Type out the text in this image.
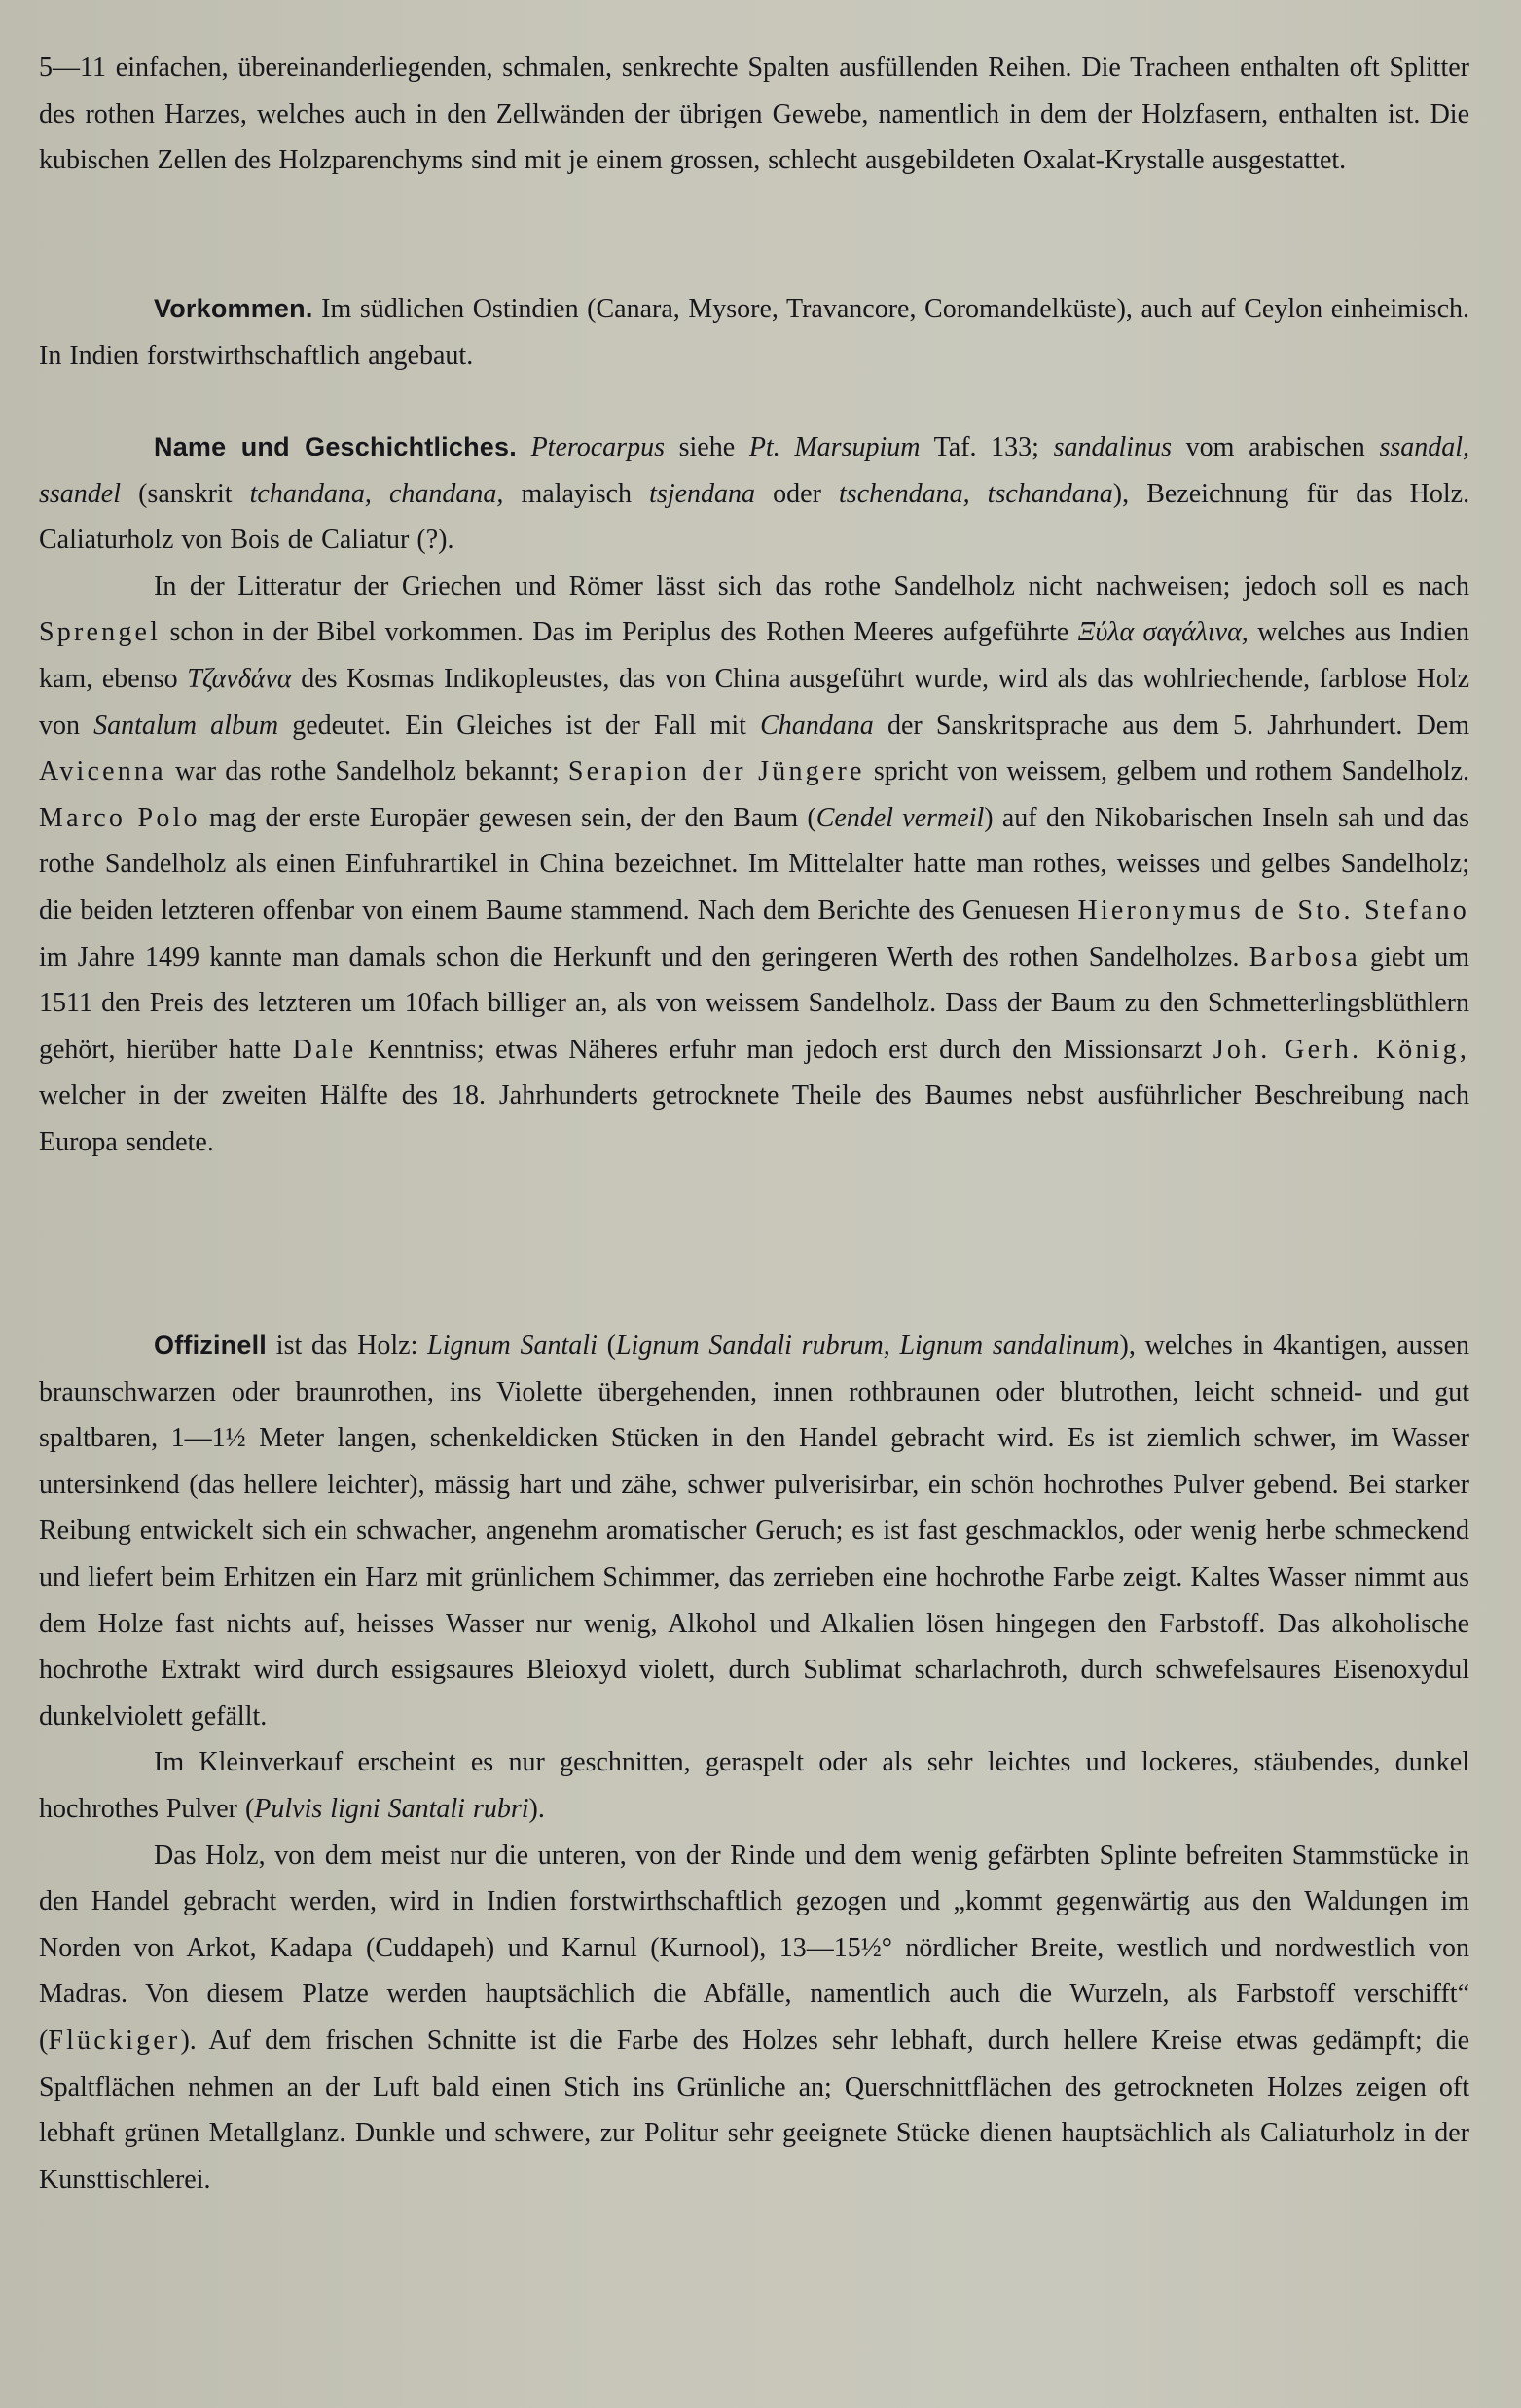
5—11 einfachen, übereinanderliegenden, schmalen, senkrechte Spalten ausfüllenden Reihen. Die Tracheen enthalten oft Splitter des rothen Harzes, welches auch in den Zellwänden der übrigen Gewebe, namentlich in dem der Holzfasern, enthalten ist. Die kubischen Zellen des Holzparenchyms sind mit je einem grossen, schlecht ausgebildeten Oxalat-Krystalle ausgestattet.

Vorkommen. Im südlichen Ostindien (Canara, Mysore, Travancore, Coromandelküste), auch auf Ceylon einheimisch. In Indien forstwirthschaftlich angebaut.

Name und Geschichtliches. Pterocarpus siehe Pt. Marsupium Taf. 133; sandalinus vom arabischen ssandal, ssandel (sanskrit tchandana, chandana, malayisch tsjendana oder tschendana, tschandana), Bezeichnung für das Holz. Caliaturholz von Bois de Caliatur (?).
In der Litteratur der Griechen und Römer lässt sich das rothe Sandelholz nicht nachweisen; jedoch soll es nach Sprengel schon in der Bibel vorkommen. Das im Periplus des Rothen Meeres aufgeführte Ξύλα σαγάλινα, welches aus Indien kam, ebenso Τζανδάνα des Kosmas Indikopleustes, das von China ausgeführt wurde, wird als das wohlriechende, farblose Holz von Santalum album gedeutet. Ein Gleiches ist der Fall mit Chandana der Sanskritsprache aus dem 5. Jahrhundert. Dem Avicenna war das rothe Sandelholz bekannt; Serapion der Jüngere spricht von weissem, gelbem und rothem Sandelholz. Marco Polo mag der erste Europäer gewesen sein, der den Baum (Cendel vermeil) auf den Nikobarischen Inseln sah und das rothe Sandelholz als einen Einfuhrartikel in China bezeichnet. Im Mittelalter hatte man rothes, weisses und gelbes Sandelholz; die beiden letzteren offenbar von einem Baume stammend. Nach dem Berichte des Genuesen Hieronymus de Sto. Stefano im Jahre 1499 kannte man damals schon die Herkunft und den geringeren Werth des rothen Sandelholzes. Barbosa giebt um 1511 den Preis des letzteren um 10fach billiger an, als von weissem Sandelholz. Dass der Baum zu den Schmetterlingsblüthlern gehört, hierüber hatte Dale Kenntniss; etwas Näheres erfuhr man jedoch erst durch den Missionsarzt Joh. Gerh. König, welcher in der zweiten Hälfte des 18. Jahrhunderts getrocknete Theile des Baumes nebst ausführlicher Beschreibung nach Europa sendete.
Offizinell ist das Holz: Lignum Santali (Lignum Sandali rubrum, Lignum sandalinum), welches in 4kantigen, aussen braunschwarzen oder braunrothen, ins Violette übergehenden, innen rothbraunen oder blutrothen, leicht schneid- und gut spaltbaren, 1—1½ Meter langen, schenkeldicken Stücken in den Handel gebracht wird. Es ist ziemlich schwer, im Wasser untersinkend (das hellere leichter), mässig hart und zähe, schwer pulverisirbar, ein schön hochrothes Pulver gebend. Bei starker Reibung entwickelt sich ein schwacher, angenehm aromatischer Geruch; es ist fast geschmacklos, oder wenig herbe schmeckend und liefert beim Erhitzen ein Harz mit grünlichem Schimmer, das zerrieben eine hochrothe Farbe zeigt. Kaltes Wasser nimmt aus dem Holze fast nichts auf, heisses Wasser nur wenig, Alkohol und Alkalien lösen hingegen den Farbstoff. Das alkoholische hochrothe Extrakt wird durch essigsaures Bleioxyd violett, durch Sublimat scharlachroth, durch schwefelsaures Eisenoxydul dunkelviolett gefällt.
Im Kleinverkauf erscheint es nur geschnitten, geraspelt oder als sehr leichtes und lockeres, stäubendes, dunkel hochrothes Pulver (Pulvis ligni Santali rubri).
Das Holz, von dem meist nur die unteren, von der Rinde und dem wenig gefärbten Splinte befreiten Stammstücke in den Handel gebracht werden, wird in Indien forstwirthschaftlich gezogen und „kommt gegenwärtig aus den Waldungen im Norden von Arkot, Kadapa (Cuddapeh) und Karnul (Kurnool), 13—15½° nördlicher Breite, westlich und nordwestlich von Madras. Von diesem Platze werden hauptsächlich die Abfälle, namentlich auch die Wurzeln, als Farbstoff verschifft“ (Flückiger). Auf dem frischen Schnitte ist die Farbe des Holzes sehr lebhaft, durch hellere Kreise etwas gedämpft; die Spaltflächen nehmen an der Luft bald einen Stich ins Grünliche an; Querschnittflächen des getrockneten Holzes zeigen oft lebhaft grünen Metallglanz. Dunkle und schwere, zur Politur sehr geeignete Stücke dienen hauptsächlich als Caliaturholz in der Kunsttischlerei.
